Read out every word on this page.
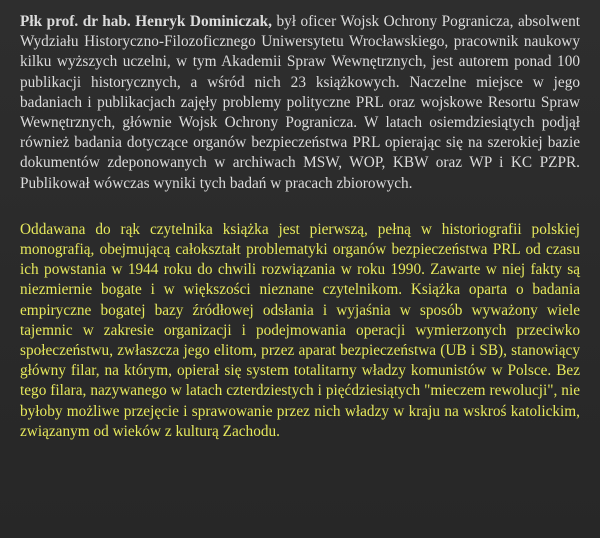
Płk prof. dr hab. Henryk Dominiczak, był oficer Wojsk Ochrony Pogranicza, absolwent Wydziału Historyczno-Filozoficznego Uniwersytetu Wrocławskiego, pracownik naukowy kilku wyższych uczelni, w tym Akademii Spraw Wewnętrznych, jest autorem ponad 100 publikacji historycznych, a wśród nich 23 książkowych. Naczelne miejsce w jego badaniach i publikacjach zajęły problemy polityczne PRL oraz wojskowe Resortu Spraw Wewnętrznych, głównie Wojsk Ochrony Pogranicza. W latach osiemdziesiątych podjął również badania dotyczące organów bezpieczeństwa PRL opierając się na szerokiej bazie dokumentów zdeponowanych w archiwach MSW, WOP, KBW oraz WP i KC PZPR. Publikował wówczas wyniki tych badań w pracach zbiorowych.

Oddawana do rąk czytelnika książka jest pierwszą, pełną w historiografii polskiej monografią, obejmującą całokształt problematyki organów bezpieczeństwa PRL od czasu ich powstania w 1944 roku do chwili rozwiązania w roku 1990. Zawarte w niej fakty są niezmiernie bogate i w większości nieznane czytelnikom. Książka oparta o badania empiryczne bogatej bazy źródłowej odsłania i wyjaśnia w sposób wyważony wiele tajemnic w zakresie organizacji i podejmowania operacji wymierzonych przeciwko społeczeństwu, zwłaszcza jego elitom, przez aparat bezpieczeństwa (UB i SB), stanowiący główny filar, na którym, opierał się system totalitarny władzy komunistów w Polsce. Bez tego filara, nazywanego w latach czterdziestych i pięćdziesiątych "mieczem rewolucji", nie byłoby możliwe przejęcie i sprawowanie przez nich władzy w kraju na wskroś katolickim, związanym od wieków z kulturą Zachodu.
